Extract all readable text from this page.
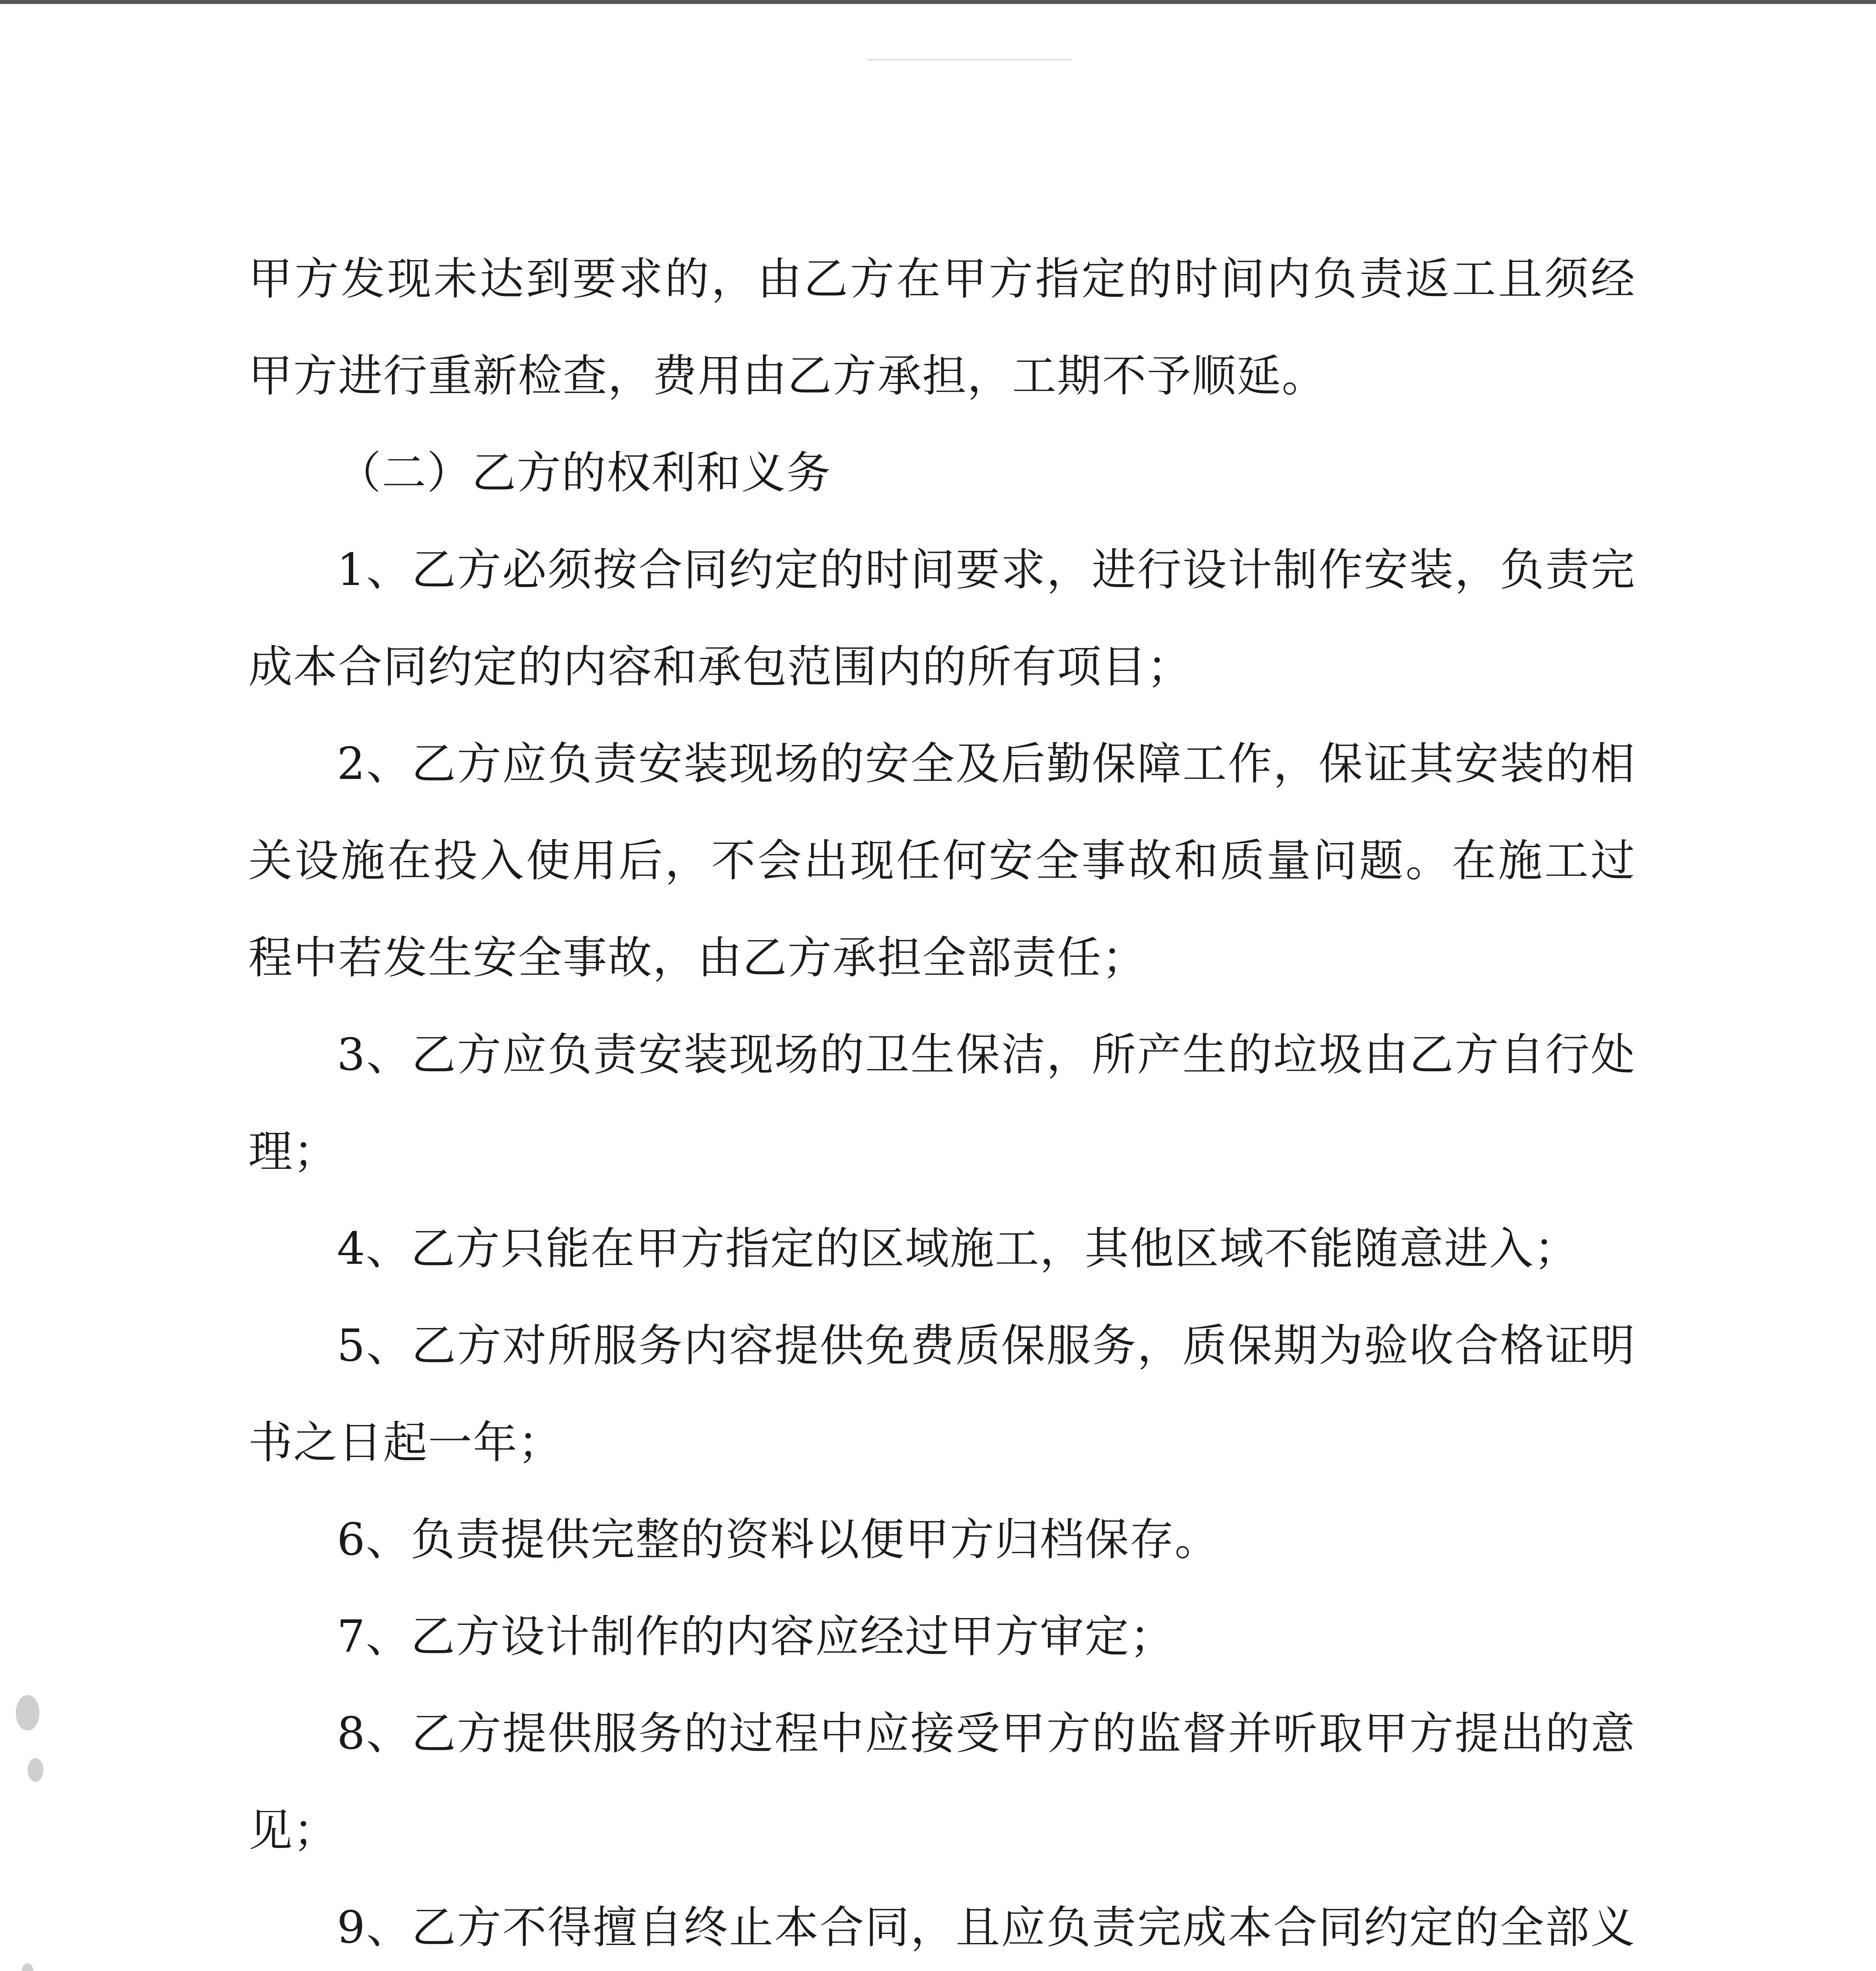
甲方发现未达到要求的，由乙方在甲方指定的时间内负责返工且须经甲方进行重新检查，费用由乙方承担，工期不予顺延。

（二）乙方的权利和义务

1、乙方必须按合同约定的时间要求，进行设计制作安装，负责完成本合同约定的内容和承包范围内的所有项目；

2、乙方应负责安装现场的安全及后勤保障工作，保证其安装的相关设施在投入使用后，不会出现任何安全事故和质量问题。在施工过程中若发生安全事故，由乙方承担全部责任；

3、乙方应负责安装现场的卫生保洁，所产生的垃圾由乙方自行处理；

4、乙方只能在甲方指定的区域施工，其他区域不能随意进入；

5、乙方对所服务内容提供免费质保服务，质保期为验收合格证明书之日起一年；

6、负责提供完整的资料以便甲方归档保存。

7、乙方设计制作的内容应经过甲方审定；

8、乙方提供服务的过程中应接受甲方的监督并听取甲方提出的意见；

9、乙方不得擅自终止本合同，且应负责完成本合同约定的全部义
